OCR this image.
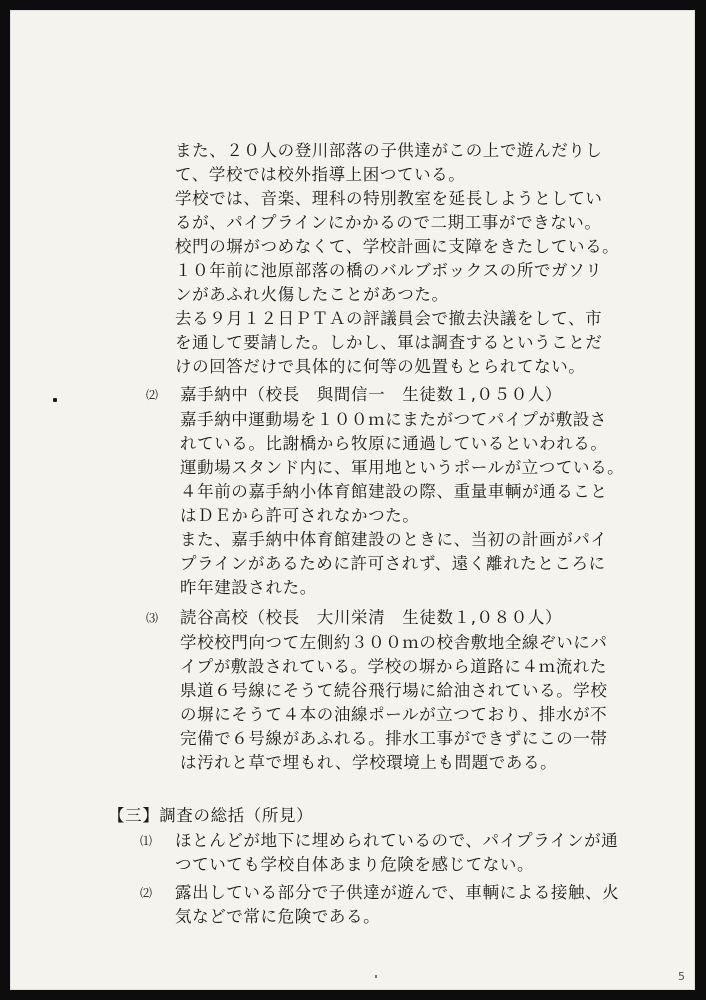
また、２０人の登川部落の子供達がこの上で遊んだりし
て、学校では校外指導上困つている。
学校では、音楽、理科の特別教室を延長しようとしてい
るが、パイプラインにかかるので二期工事ができない。
校門の塀がつめなくて、学校計画に支障をきたしている。
１０年前に池原部落の橋のバルブボックスの所でガソリ
ンがあふれ火傷したことがあつた。
去る９月１２日ＰＴＡの評議員会で撤去決議をして、市
を通して要請した。しかし、軍は調査するということだ
けの回答だけで具体的に何等の処置もとられてない。
⑵ 嘉手納中（校長　與間信一　生徒数１,０５０人）
嘉手納中運動場を１００ｍにまたがつてパイプが敷設さ
れている。比謝橋から牧原に通過しているといわれる。
運動場スタンド内に、軍用地というポールが立つている。
４年前の嘉手納小体育館建設の際、重量車輌が通ること
はＤＥから許可されなかつた。
また、嘉手納中体育館建設のときに、当初の計画がパイ
プラインがあるために許可されず、遠く離れたところに
昨年建設された。
⑶ 読谷高校（校長　大川栄清　生徒数１,０８０人）
学校校門向つて左側約３００ｍの校舎敷地全線ぞいにパ
イプが敷設されている。学校の塀から道路に４ｍ流れた
県道６号線にそうて続谷飛行場に給油されている。学校
の塀にそうて４本の油線ポールが立つており、排水が不
完備で６号線があふれる。排水工事ができずにこの一帯
は汚れと草で埋もれ、学校環境上も問題である。
【三】調査の総括（所見）
⑴ ほとんどが地下に埋められているので、パイプラインが通
つていても学校自体あまり危険を感じてない。
⑵ 露出している部分で子供達が遊んで、車輌による接触、火
気などで常に危険である。
5
